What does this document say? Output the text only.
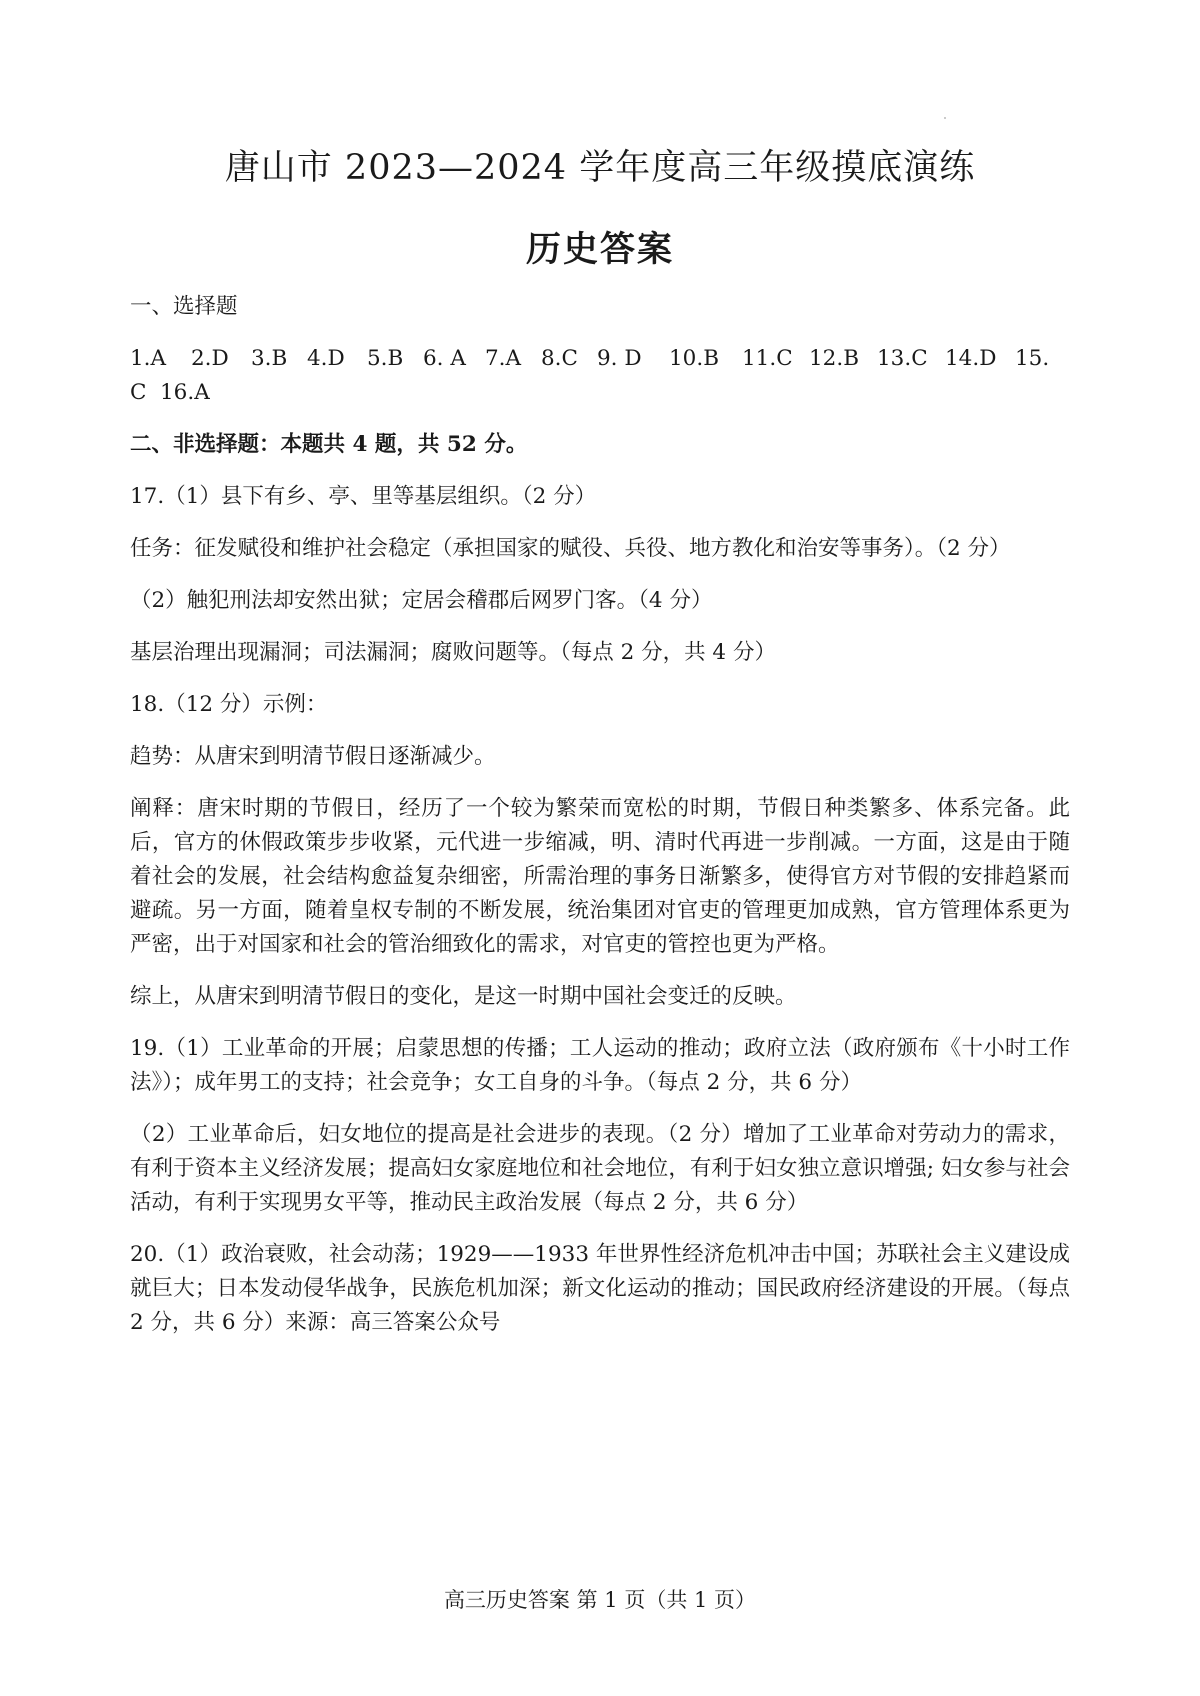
唐山市 2023—2024 学年度高三年级摸底演练
历史答案

一、选择题

1.A	2.D	3.B 4.D	5.B 6. A 7.A 8.C 9. D	10.B	11.C 12.B 13.C 14.D 15.
C 16.A

二、非选择题：本题共 4 题，共 52 分。

17.（1）县下有乡、亭、里等基层组织。（2 分）

任务：征发赋役和维护社会稳定（承担国家的赋役、兵役、地方教化和治安等事务）。（2 分）

（2）触犯刑法却安然出狱；定居会稽郡后网罗门客。（4 分）

基层治理出现漏洞；司法漏洞；腐败问题等。（每点 2 分，共 4 分）

18.（12 分）示例：

趋势：从唐宋到明清节假日逐渐减少。

阐释：唐宋时期的节假日，经历了一个较为繁荣而宽松的时期，节假日种类繁多、体系完备。此后，官方的休假政策步步收紧，元代进一步缩减，明、清时代再进一步削减。一方面，这是由于随着社会的发展，社会结构愈益复杂细密，所需治理的事务日渐繁多，使得官方对节假的安排趋紧而避疏。另一方面，随着皇权专制的不断发展，统治集团对官吏的管理更加成熟，官方管理体系更为严密，出于对国家和社会的管治细致化的需求，对官吏的管控也更为严格。

综上，从唐宋到明清节假日的变化，是这一时期中国社会变迁的反映。

19.（1）工业革命的开展；启蒙思想的传播；工人运动的推动；政府立法（政府颁布《十小时工作法》）；成年男工的支持；社会竞争；女工自身的斗争。（每点 2 分，共 6 分）

（2）工业革命后，妇女地位的提高是社会进步的表现。（2 分）增加了工业革命对劳动力的需求，有利于资本主义经济发展；提高妇女家庭地位和社会地位，有利于妇女独立意识增强; 妇女参与社会活动，有利于实现男女平等，推动民主政治发展（每点 2 分，共 6 分）

20.（1）政治衰败，社会动荡；1929——1933 年世界性经济危机冲击中国；苏联社会主义建设成就巨大；日本发动侵华战争，民族危机加深；新文化运动的推动；国民政府经济建设的开展。（每点 2 分，共 6 分）来源：高三答案公众号

高三历史答案 第 1 页（共 1 页）
